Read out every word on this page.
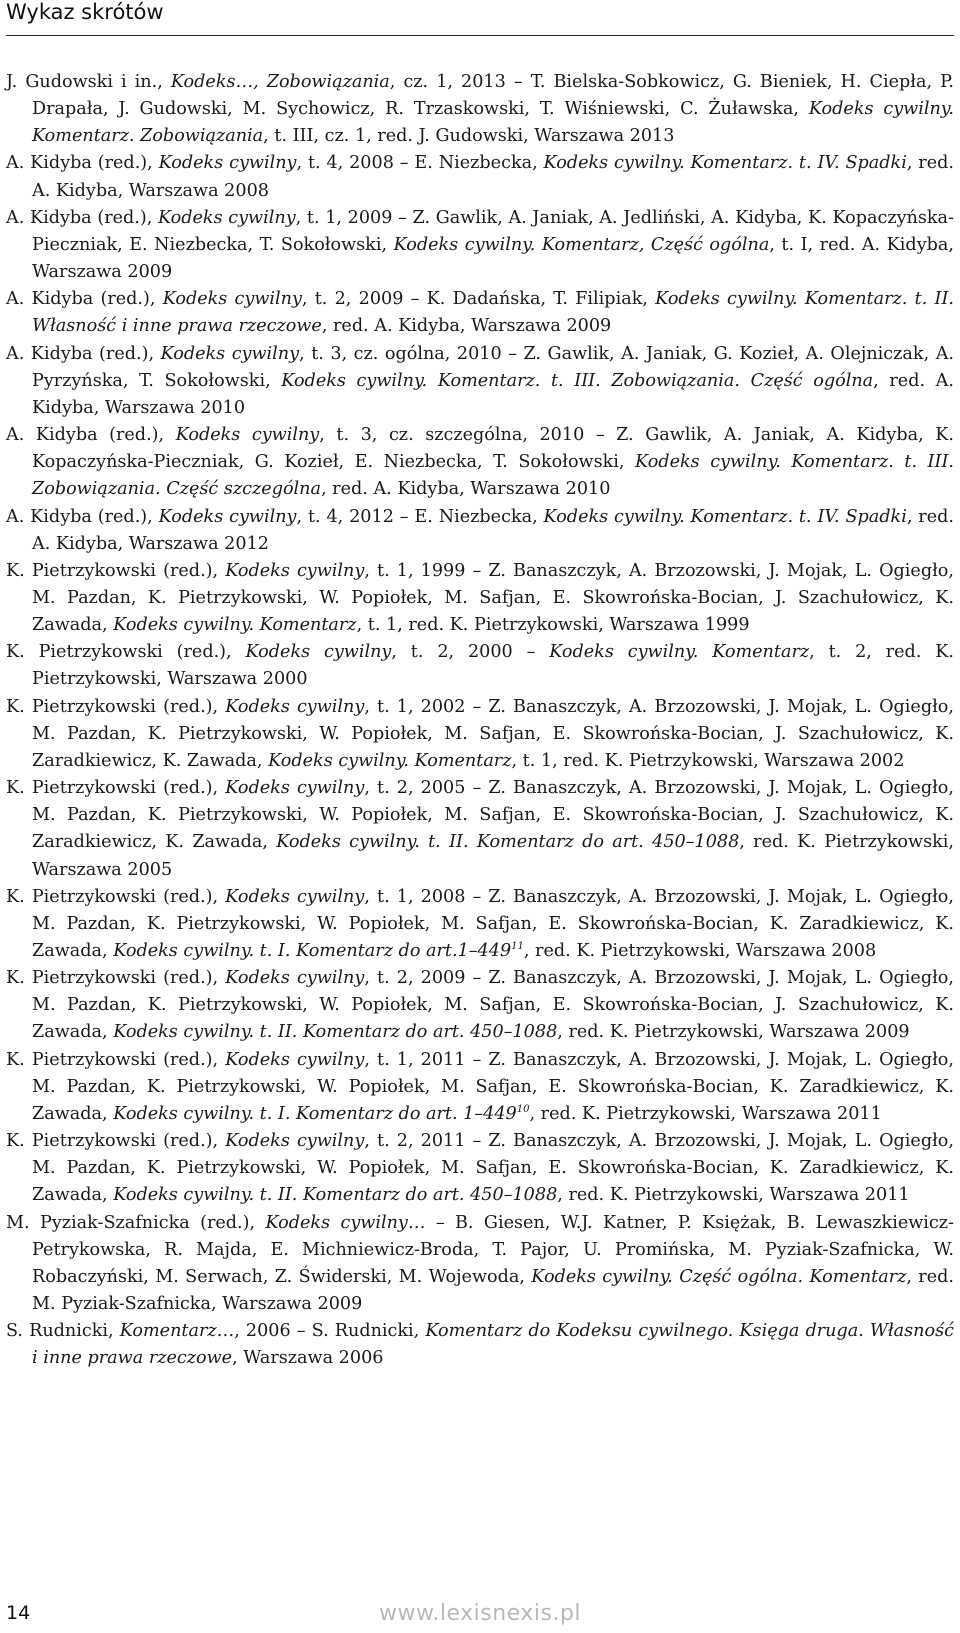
Wykaz skrótów

J. Gudowski i in., Kodeks…, Zobowiązania, cz. 1, 2013 – T. Bielska-Sobkowicz, G. Bieniek, H. Ciepła, P. Drapała, J. Gudowski, M. Sychowicz, R. Trzaskowski, T. Wiśniewski, C. Żuławska, Kodeks cywilny. Komentarz. Zobowiązania, t. III, cz. 1, red. J. Gudowski, Warszawa 2013

A. Kidyba (red.), Kodeks cywilny, t. 4, 2008 – E. Niezbecka, Kodeks cywilny. Komentarz. t. IV. Spadki, red. A. Kidyba, Warszawa 2008

A. Kidyba (red.), Kodeks cywilny, t. 1, 2009 – Z. Gawlik, A. Janiak, A. Jedliński, A. Kidyba, K. Kopaczyńska-Pieczniak, E. Niezbecka, T. Sokołowski, Kodeks cywilny. Komentarz, Część ogólna, t. I, red. A. Kidyba, Warszawa 2009

A. Kidyba (red.), Kodeks cywilny, t. 2, 2009 – K. Dadańska, T. Filipiak, Kodeks cywilny. Komentarz. t. II. Własność i inne prawa rzeczowe, red. A. Kidyba, Warszawa 2009

A. Kidyba (red.), Kodeks cywilny, t. 3, cz. ogólna, 2010 – Z. Gawlik, A. Janiak, G. Kozieł, A. Olejniczak, A. Pyrzyńska, T. Sokołowski, Kodeks cywilny. Komentarz. t. III. Zobowiązania. Część ogólna, red. A. Kidyba, Warszawa 2010

A. Kidyba (red.), Kodeks cywilny, t. 3, cz. szczególna, 2010 – Z. Gawlik, A. Janiak, A. Kidyba, K. Kopaczyńska-Pieczniak, G. Kozieł, E. Niezbecka, T. Sokołowski, Kodeks cywilny. Komentarz. t. III. Zobowiązania. Część szczególna, red. A. Kidyba, Warszawa 2010

A. Kidyba (red.), Kodeks cywilny, t. 4, 2012 – E. Niezbecka, Kodeks cywilny. Komentarz. t. IV. Spadki, red. A. Kidyba, Warszawa 2012

K. Pietrzykowski (red.), Kodeks cywilny, t. 1, 1999 – Z. Banaszczyk, A. Brzozowski, J. Mojak, L. Ogiegło, M. Pazdan, K. Pietrzykowski, W. Popiołek, M. Safjan, E. Skowrońska-Bocian, J. Szachułowicz, K. Zawada, Kodeks cywilny. Komentarz, t. 1, red. K. Pietrzykowski, Warszawa 1999

K. Pietrzykowski (red.), Kodeks cywilny, t. 2, 2000 – Kodeks cywilny. Komentarz, t. 2, red. K. Pietrzykowski, Warszawa 2000

K. Pietrzykowski (red.), Kodeks cywilny, t. 1, 2002 – Z. Banaszczyk, A. Brzozowski, J. Mojak, L. Ogiegło, M. Pazdan, K. Pietrzykowski, W. Popiołek, M. Safjan, E. Skowrońska-Bocian, J. Szachułowicz, K. Zaradkiewicz, K. Zawada, Kodeks cywilny. Komentarz, t. 1, red. K. Pietrzykowski, Warszawa 2002

K. Pietrzykowski (red.), Kodeks cywilny, t. 2, 2005 – Z. Banaszczyk, A. Brzozowski, J. Mojak, L. Ogiegło, M. Pazdan, K. Pietrzykowski, W. Popiołek, M. Safjan, E. Skowrońska-Bocian, J. Szachułowicz, K. Zaradkiewicz, K. Zawada, Kodeks cywilny. t. II. Komentarz do art. 450–1088, red. K. Pietrzykowski, Warszawa 2005

K. Pietrzykowski (red.), Kodeks cywilny, t. 1, 2008 – Z. Banaszczyk, A. Brzozowski, J. Mojak, L. Ogiegło, M. Pazdan, K. Pietrzykowski, W. Popiołek, M. Safjan, E. Skowrońska-Bocian, K. Zaradkiewicz, K. Zawada, Kodeks cywilny. t. I. Komentarz do $art.1-449^{11}$, red. K. Pietrzykowski, Warszawa 2008

K. Pietrzykowski (red.), Kodeks cywilny, t. 2, 2009 – Z. Banaszczyk, A. Brzozowski, J. Mojak, L. Ogiegło, M. Pazdan, K. Pietrzykowski, W. Popiołek, M. Safjan, E. Skowrońska-Bocian, J. Szachułowicz, K. Zawada, Kodeks cywilny. t. II. Komentarz do art. 450–1088, red. K. Pietrzykowski, Warszawa 2009

K. Pietrzykowski (red.), Kodeks cywilny, t. 1, 2011 – Z. Banaszczyk, A. Brzozowski, J. Mojak, L. Ogiegło, M. Pazdan, K. Pietrzykowski, W. Popiołek, M. Safjan, E. Skowrońska-Bocian, K. Zaradkiewicz, K. Zawada, Kodeks cywilny. t. I. Komentarz do art. $1-449^{10}$, red. K. Pietrzykowski, Warszawa 2011

K. Pietrzykowski (red.), Kodeks cywilny, t. 2, 2011 – Z. Banaszczyk, A. Brzozowski, J. Mojak, L. Ogiegło, M. Pazdan, K. Pietrzykowski, W. Popiołek, M. Safjan, E. Skowrońska-Bocian, K. Zaradkiewicz, K. Zawada, Kodeks cywilny. t. II. Komentarz do art. 450–1088, red. K. Pietrzykowski, Warszawa 2011

M. Pyziak-Szafnicka (red.), Kodeks cywilny… – B. Giesen, W.J. Katner, P. Księżak, B. Lewaszkiewicz-Petrykowska, R. Majda, E. Michniewicz-Broda, T. Pajor, U. Promińska, M. Pyziak-Szafnicka, W. Robaczyński, M. Serwach, Z. Świderski, M. Wojewoda, Kodeks cywilny. Część ogólna. Komentarz, red. M. Pyziak-Szafnicka, Warszawa 2009

S. Rudnicki, Komentarz…, 2006 – S. Rudnicki, Komentarz do Kodeksu cywilnego. Księga druga. Własność i inne prawa rzeczowe, Warszawa 2006

14	www.lexisnexis.pl
